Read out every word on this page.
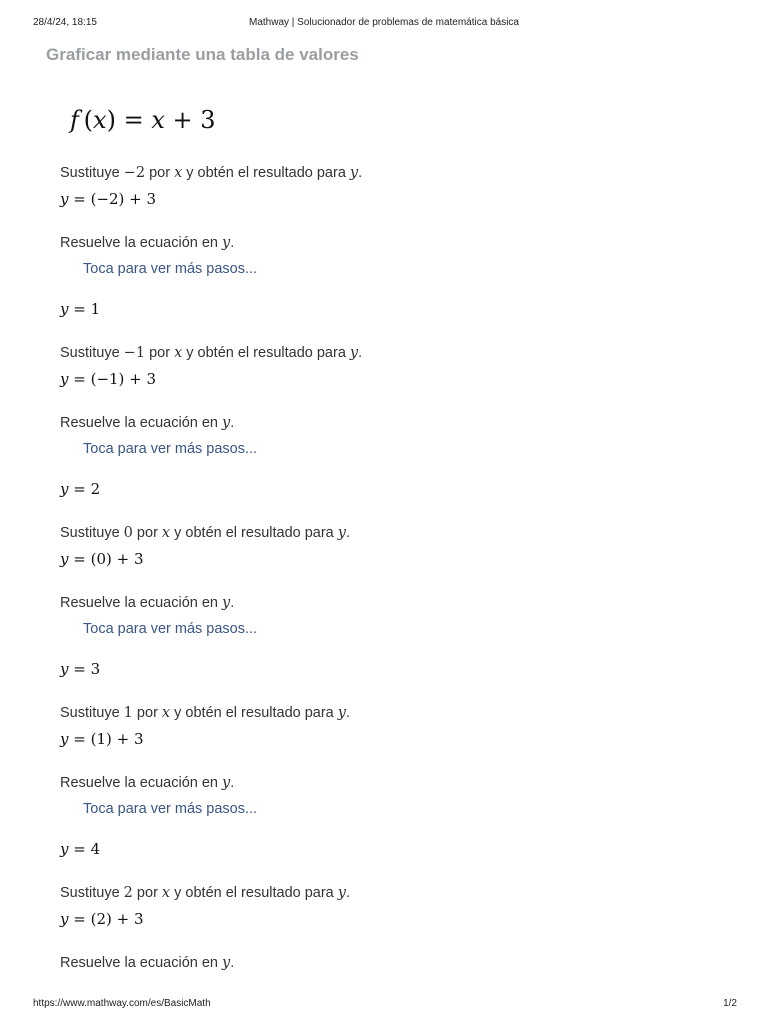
28/4/24, 18:15	Mathway | Solucionador de problemas de matemática básica
Graficar mediante una tabla de valores
f (x) = x + 3
Sustituye −2 por x y obtén el resultado para y.
y = (−2) + 3
Resuelve la ecuación en y.
Toca para ver más pasos...
y = 1
Sustituye −1 por x y obtén el resultado para y.
y = (−1) + 3
Resuelve la ecuación en y.
Toca para ver más pasos...
y = 2
Sustituye 0 por x y obtén el resultado para y.
y = (0) + 3
Resuelve la ecuación en y.
Toca para ver más pasos...
y = 3
Sustituye 1 por x y obtén el resultado para y.
y = (1) + 3
Resuelve la ecuación en y.
Toca para ver más pasos...
y = 4
Sustituye 2 por x y obtén el resultado para y.
y = (2) + 3
Resuelve la ecuación en y.
https://www.mathway.com/es/BasicMath	1/2
